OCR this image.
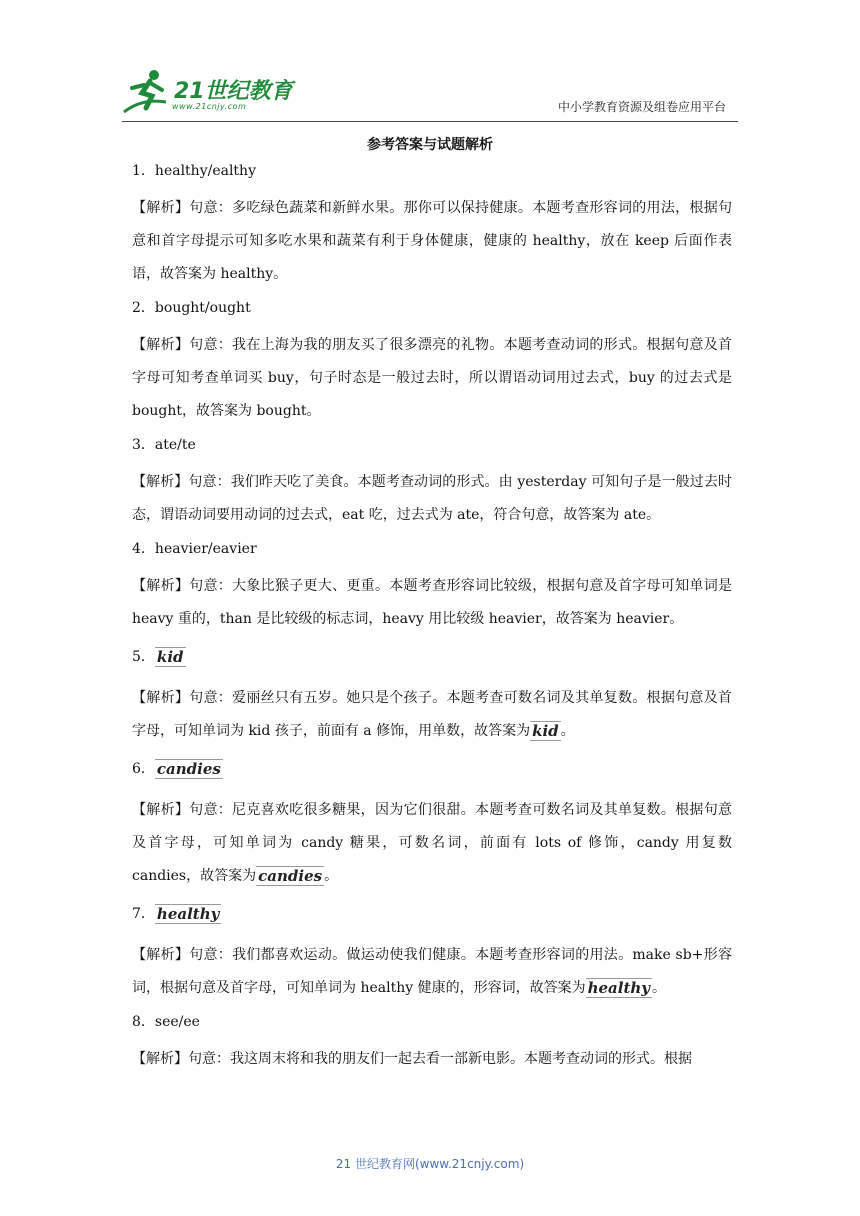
21世纪教育
www.21cnjy.com	中小学教育资源及组卷应用平台
参考答案与试题解析
1．healthy/ealthy
【解析】句意：多吃绿色蔬菜和新鲜水果。那你可以保持健康。本题考查形容词的用法，根据句意和首字母提示可知多吃水果和蔬菜有利于身体健康，健康的 healthy，放在 keep 后面作表语，故答案为 healthy。
2．bought/ought
【解析】句意：我在上海为我的朋友买了很多漂亮的礼物。本题考查动词的形式。根据句意及首字母可知考查单词买 buy，句子时态是一般过去时，所以谓语动词用过去式，buy 的过去式是 bought，故答案为 bought。
3．ate/te
【解析】句意：我们昨天吃了美食。本题考查动词的形式。由 yesterday 可知句子是一般过去时态，谓语动词要用动词的过去式，eat 吃，过去式为 ate，符合句意，故答案为 ate。
4．heavier/eavier
【解析】句意：大象比猴子更大、更重。本题考查形容词比较级，根据句意及首字母可知单词是 heavy 重的，than 是比较级的标志词，heavy 用比较级 heavier，故答案为 heavier。
5． kid
【解析】句意：爱丽丝只有五岁。她只是个孩子。本题考查可数名词及其单复数。根据句意及首字母，可知单词为 kid 孩子，前面有 a 修饰，用单数，故答案为 kid 。
6． candies
【解析】句意：尼克喜欢吃很多糖果，因为它们很甜。本题考查可数名词及其单复数。根据句意及首字母，可知单词为 candy 糖果，可数名词，前面有 lots of 修饰，candy 用复数 candies，故答案为 candies 。
7． healthy
【解析】句意：我们都喜欢运动。做运动使我们健康。本题考查形容词的用法。make sb+形容词，根据句意及首字母，可知单词为 healthy 健康的，形容词，故答案为 healthy 。
8．see/ee
【解析】句意：我这周末将和我的朋友们一起去看一部新电影。本题考查动词的形式。根据
21 世纪教育网(www.21cnjy.com)
